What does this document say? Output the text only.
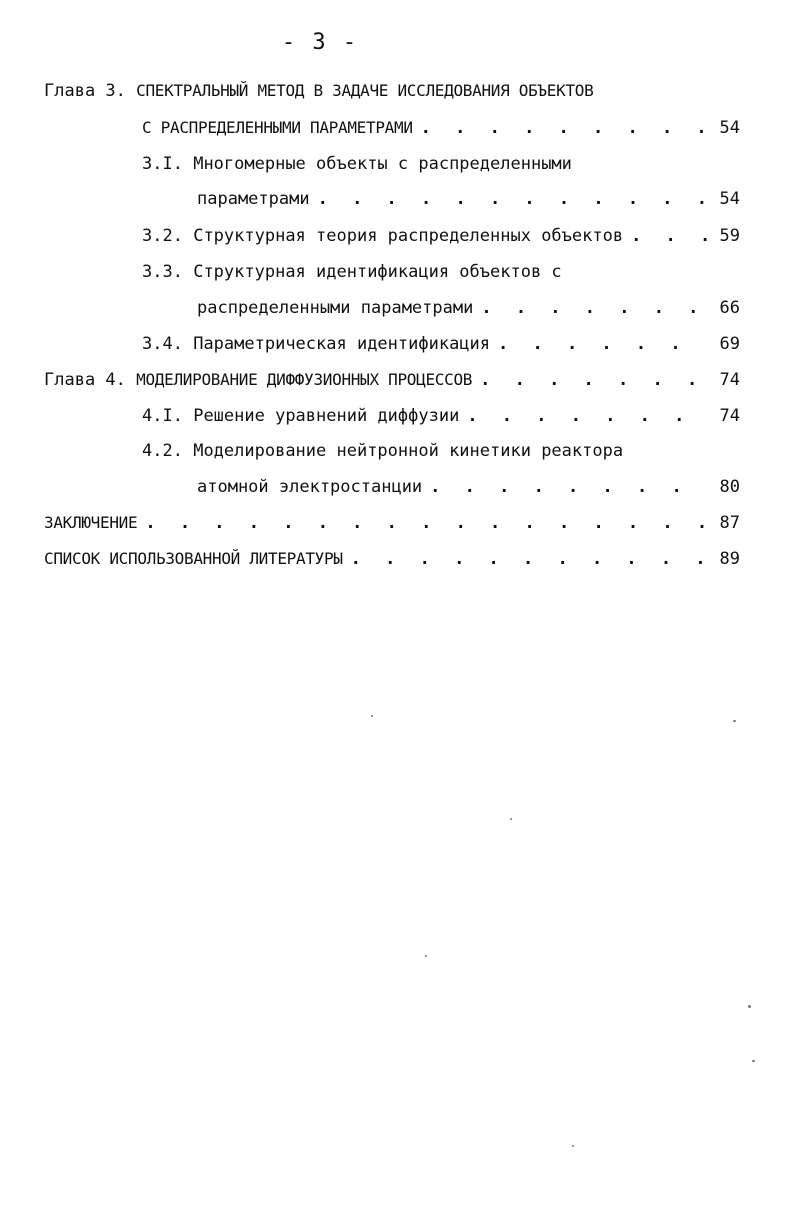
- 3 -
Глава 3. СПЕКТРАЛЬНЫЙ МЕТОД В ЗАДАЧЕ ИССЛЕДОВАНИЯ ОБЪЕКТОВ
С РАСПРЕДЕЛЕННЫМИ ПАРАМЕТРАМИ . . .	54
3.I. Многомерные объекты с распределенными
параметрами . . .	54
3.2. Структурная теория распределенных объектов . . .	59
3.3. Структурная идентификация объектов с
распределенными параметрами . . .	66
3.4. Параметрическая идентификация . . .	69
Глава 4. МОДЕЛИРОВАНИЕ ДИФФУЗИОННЫХ ПРОЦЕССОВ . . .	74
4.I. Решение уравнений диффузии . . .	74
4.2. Моделирование нейтронной кинетики реактора
атомной электростанции . . .	80
ЗАКЛЮЧЕНИЕ . . .	87
СПИСОК ИСПОЛЬЗОВАННОЙ ЛИТЕРАТУРЫ . . .	89
